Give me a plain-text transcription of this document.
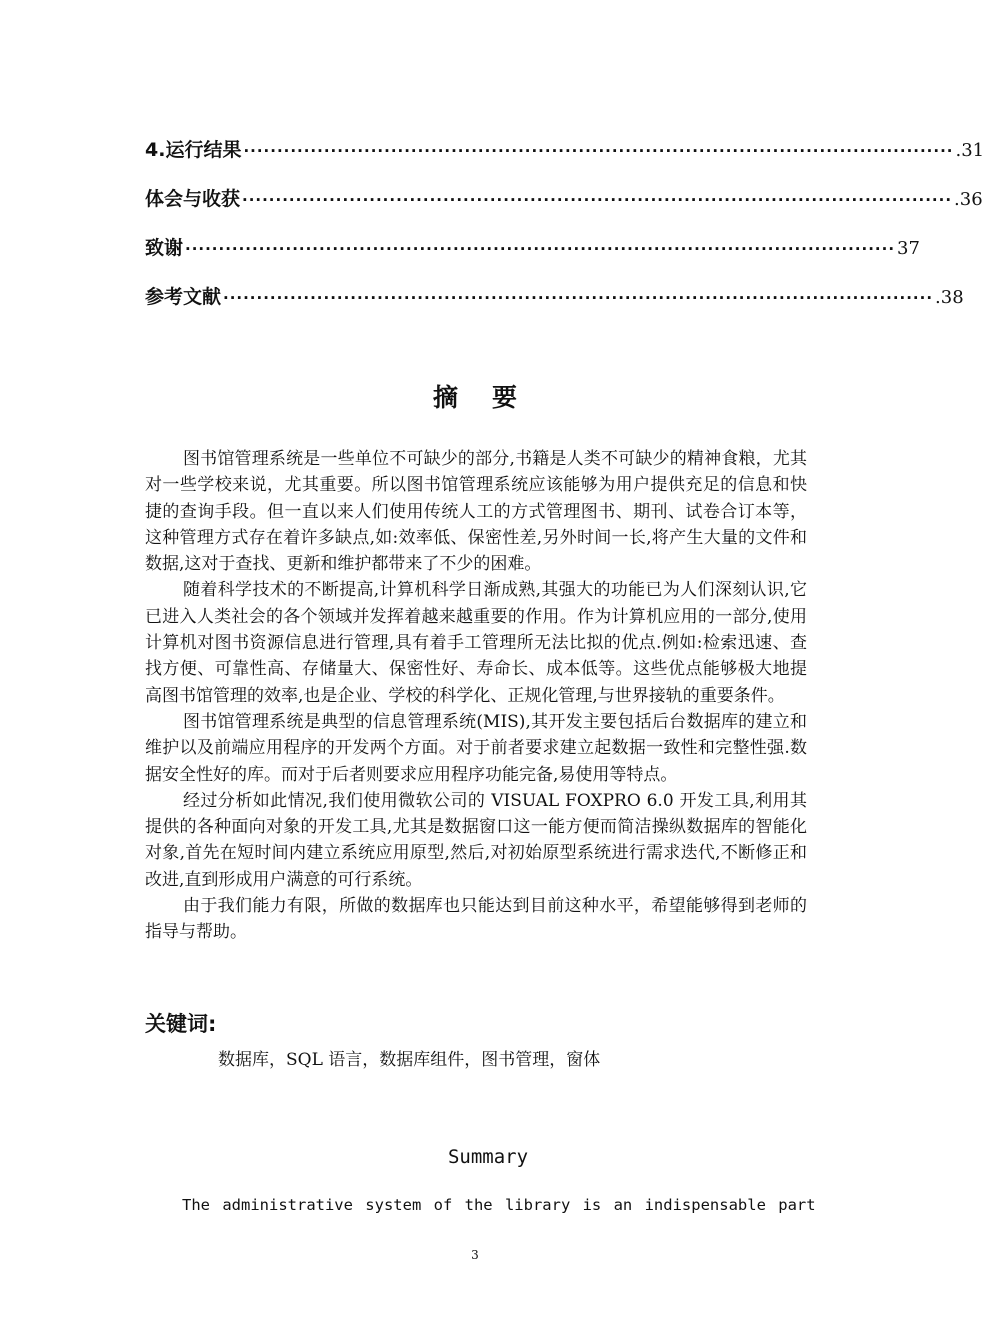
4.运行结果 ·········································································································· .31
体会与收获 ·········································································································· .36
致谢 ·········································································································· 37
参考文献 ·········································································································· .38
摘要

图书馆管理系统是一些单位不可缺少的部分,书籍是人类不可缺少的精神食粮，尤其对一些学校来说，尤其重要。所以图书馆管理系统应该能够为用户提供充足的信息和快捷的查询手段。但一直以来人们使用传统人工的方式管理图书、期刊、试卷合订本等，这种管理方式存在着许多缺点,如:效率低、保密性差,另外时间一长,将产生大量的文件和数据,这对于查找、更新和维护都带来了不少的困难。

随着科学技术的不断提高,计算机科学日渐成熟,其强大的功能已为人们深刻认识,它已进入人类社会的各个领域并发挥着越来越重要的作用。作为计算机应用的一部分,使用计算机对图书资源信息进行管理,具有着手工管理所无法比拟的优点.例如:检索迅速、查找方便、可靠性高、存储量大、保密性好、寿命长、成本低等。这些优点能够极大地提高图书馆管理的效率,也是企业、学校的科学化、正规化管理,与世界接轨的重要条件。

图书馆管理系统是典型的信息管理系统(MIS),其开发主要包括后台数据库的建立和维护以及前端应用程序的开发两个方面。对于前者要求建立起数据一致性和完整性强.数据安全性好的库。而对于后者则要求应用程序功能完备,易使用等特点。

经过分析如此情况,我们使用微软公司的 VISUAL FOXPRO 6.0 开发工具,利用其提供的各种面向对象的开发工具,尤其是数据窗口这一能方便而简洁操纵数据库的智能化对象,首先在短时间内建立系统应用原型,然后,对初始原型系统进行需求迭代,不断修正和改进,直到形成用户满意的可行系统。

由于我们能力有限，所做的数据库也只能达到目前这种水平，希望能够得到老师的指导与帮助。

关键词:
数据库，SQL 语言，数据库组件，图书管理，窗体
Summary
The administrative system of the library is an indispensable part
3
